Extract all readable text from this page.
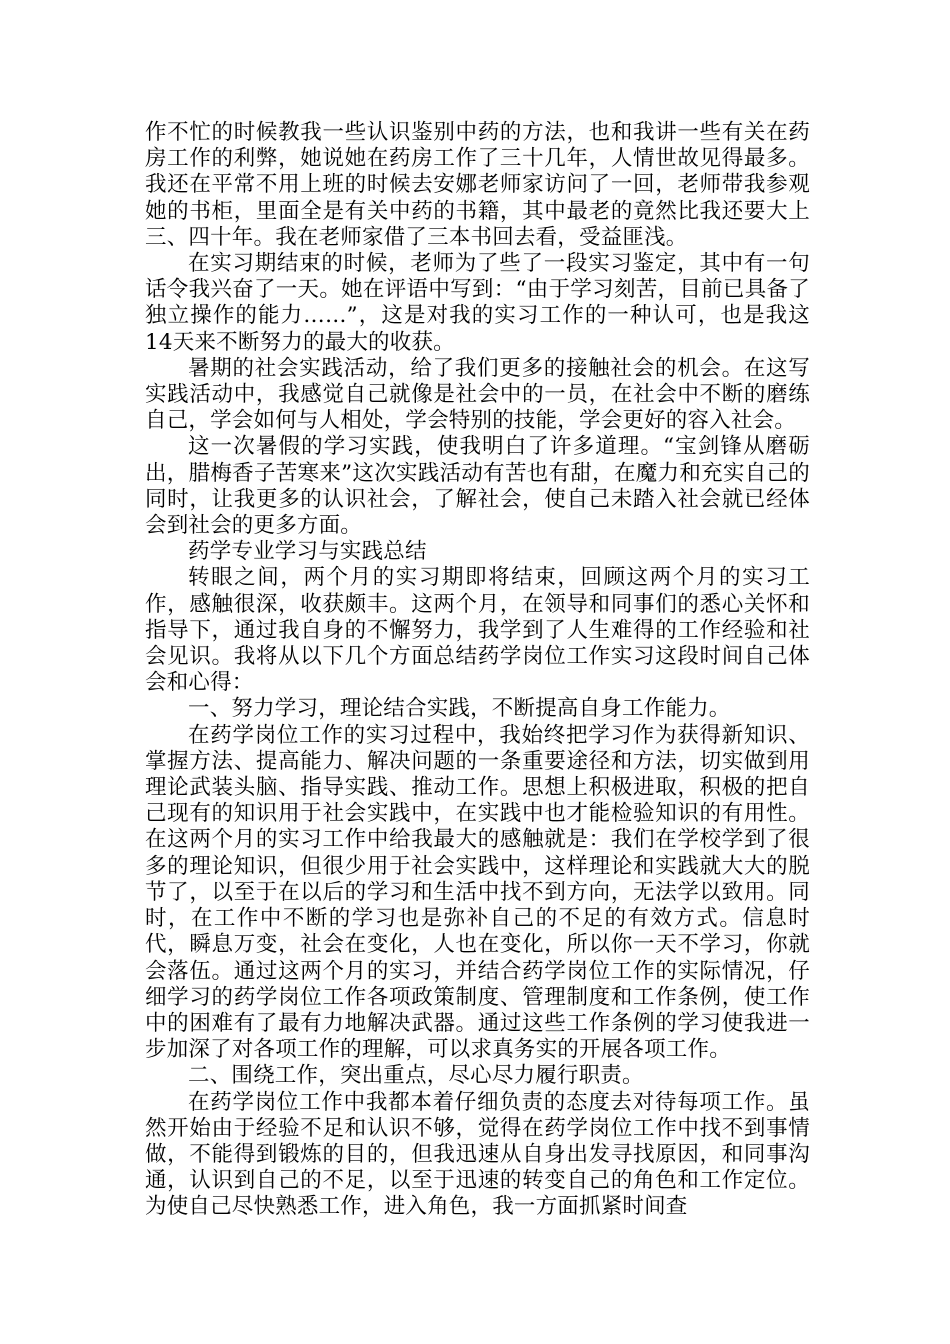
作不忙的时候教我一些认识鉴别中药的方法，也和我讲一些有关在药房工作的利弊，她说她在药房工作了三十几年，人情世故见得最多。我还在平常不用上班的时候去安娜老师家访问了一回，老师带我参观她的书柜，里面全是有关中药的书籍，其中最老的竟然比我还要大上三、四十年。我在老师家借了三本书回去看，受益匪浅。

在实习期结束的时候，老师为了些了一段实习鉴定，其中有一句话令我兴奋了一天。她在评语中写到：“由于学习刻苦，目前已具备了独立操作的能力……”，这是对我的实习工作的一种认可，也是我这14天来不断努力的最大的收获。

暑期的社会实践活动，给了我们更多的接触社会的机会。在这写实践活动中，我感觉自己就像是社会中的一员，在社会中不断的磨练自己，学会如何与人相处，学会特别的技能，学会更好的容入社会。

这一次暑假的学习实践，使我明白了许多道理。“宝剑锋从磨砺出，腊梅香子苦寒来”这次实践活动有苦也有甜，在魔力和充实自己的同时，让我更多的认识社会，了解社会，使自己未踏入社会就已经体会到社会的更多方面。

药学专业学习与实践总结

转眼之间，两个月的实习期即将结束，回顾这两个月的实习工作，感触很深，收获颇丰。这两个月，在领导和同事们的悉心关怀和指导下，通过我自身的不懈努力，我学到了人生难得的工作经验和社会见识。我将从以下几个方面总结药学岗位工作实习这段时间自己体会和心得：

一、努力学习，理论结合实践，不断提高自身工作能力。

在药学岗位工作的实习过程中，我始终把学习作为获得新知识、掌握方法、提高能力、解决问题的一条重要途径和方法，切实做到用理论武装头脑、指导实践、推动工作。思想上积极进取，积极的把自己现有的知识用于社会实践中，在实践中也才能检验知识的有用性。在这两个月的实习工作中给我最大的感触就是：我们在学校学到了很多的理论知识，但很少用于社会实践中，这样理论和实践就大大的脱节了，以至于在以后的学习和生活中找不到方向，无法学以致用。同时，在工作中不断的学习也是弥补自己的不足的有效方式。信息时代，瞬息万变，社会在变化，人也在变化，所以你一天不学习，你就会落伍。通过这两个月的实习，并结合药学岗位工作的实际情况，仔细学习的药学岗位工作各项政策制度、管理制度和工作条例，使工作中的困难有了最有力地解决武器。通过这些工作条例的学习使我进一步加深了对各项工作的理解，可以求真务实的开展各项工作。

二、围绕工作，突出重点，尽心尽力履行职责。

在药学岗位工作中我都本着仔细负责的态度去对待每项工作。虽然开始由于经验不足和认识不够，觉得在药学岗位工作中找不到事情做，不能得到锻炼的目的，但我迅速从自身出发寻找原因，和同事沟通，认识到自己的不足，以至于迅速的转变自己的角色和工作定位。为使自己尽快熟悉工作，进入角色，我一方面抓紧时间查
